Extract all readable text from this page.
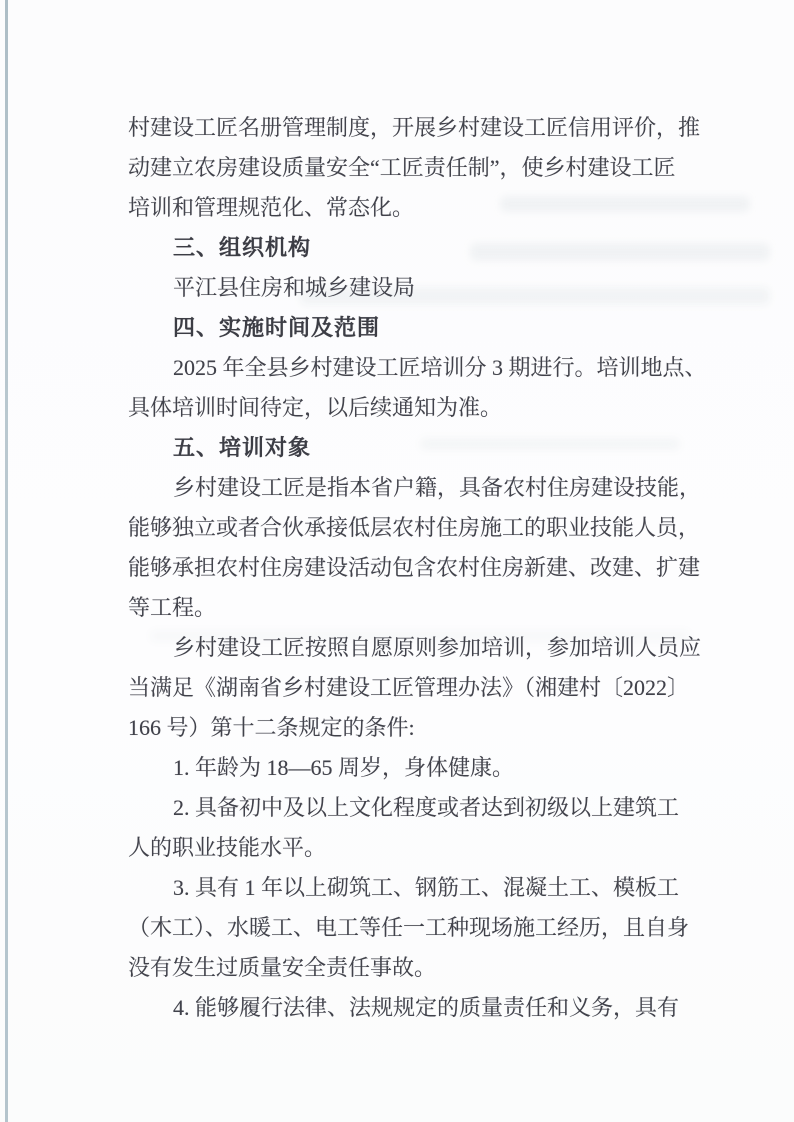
村建设工匠名册管理制度，开展乡村建设工匠信用评价，推
动建立农房建设质量安全“工匠责任制”，使乡村建设工匠
培训和管理规范化、常态化。
三、组织机构
平江县住房和城乡建设局
四、实施时间及范围
2025 年全县乡村建设工匠培训分 3 期进行。培训地点、
具体培训时间待定，以后续通知为准。
五、培训对象
乡村建设工匠是指本省户籍，具备农村住房建设技能，
能够独立或者合伙承接低层农村住房施工的职业技能人员，
能够承担农村住房建设活动包含农村住房新建、改建、扩建
等工程。
乡村建设工匠按照自愿原则参加培训，参加培训人员应
当满足《湖南省乡村建设工匠管理办法》（湘建村〔2022〕
166 号）第十二条规定的条件:
1. 年龄为 18—65 周岁，身体健康。
2. 具备初中及以上文化程度或者达到初级以上建筑工
人的职业技能水平。
3. 具有 1 年以上砌筑工、钢筋工、混凝土工、模板工
（木工）、水暖工、电工等任一工种现场施工经历，且自身
没有发生过质量安全责任事故。
4. 能够履行法律、法规规定的质量责任和义务，具有
